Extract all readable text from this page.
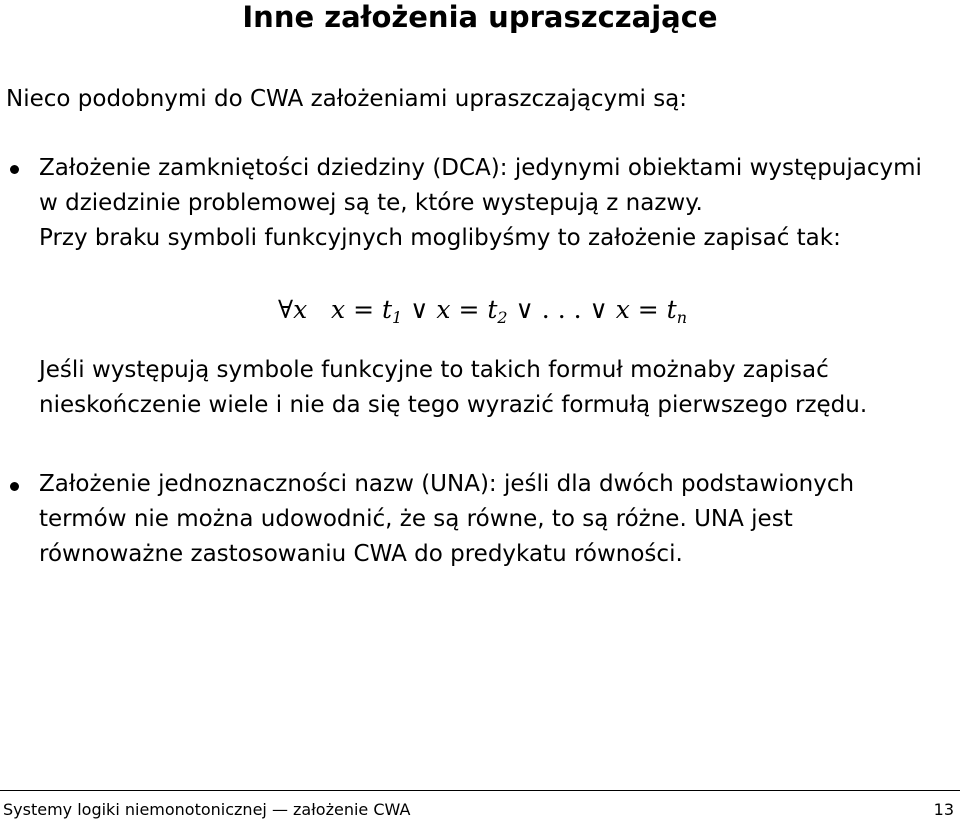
Inne założenia upraszczające
Nieco podobnymi do CWA założeniami upraszczającymi są:
Założenie zamkniętości dziedziny (DCA): jedynymi obiektami występujacymi
w dziedzinie problemowej są te, które wystepują z nazwy.
Przy braku symboli funkcyjnych moglibyśmy to założenie zapisać tak:
∀x $x = t_1$ ∨ $x = t_2$ ∨ . . . ∨ $x = t_n$
Jeśli występują symbole funkcyjne to takich formuł możnaby zapisać
nieskończenie wiele i nie da się tego wyrazić formułą pierwszego rzędu.
Założenie jednoznaczności nazw (UNA): jeśli dla dwóch podstawionych
termów nie można udowodnić, że są równe, to są różne. UNA jest
równoważne zastosowaniu CWA do predykatu równości.
Systemy logiki niemonotonicznej — założenie CWA	13
